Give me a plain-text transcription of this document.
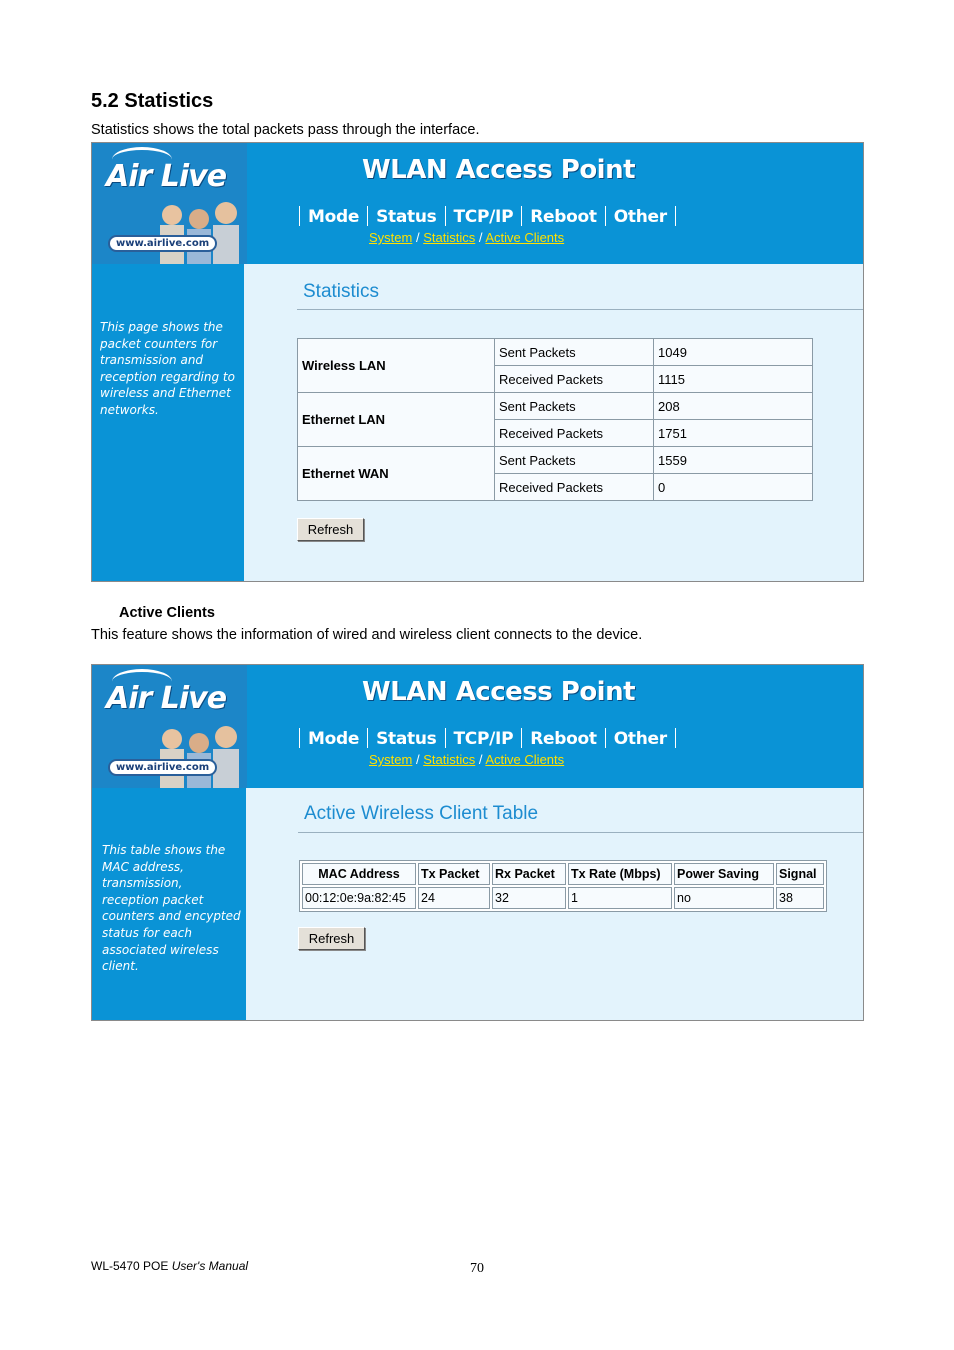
5.2 Statistics
Statistics shows the total packets pass through the interface.
Air Live
www.airlive.com
WLAN Access Point
Mode	Status	TCP/IP	Reboot	Other
System / Statistics / Active Clients
This page shows the packet counters for transmission and reception regarding to wireless and Ethernet networks.
Statistics
Wireless LAN	Sent Packets	1049
	Received Packets	1115
Ethernet LAN	Sent Packets	208
	Received Packets	1751
Ethernet WAN	Sent Packets	1559
	Received Packets	0
Refresh
Active Clients
This feature shows the information of wired and wireless client connects to the device.
Air Live
www.airlive.com
WLAN Access Point
Mode	Status	TCP/IP	Reboot	Other
System / Statistics / Active Clients
This table shows the MAC address, transmission, reception packet counters and encypted status for each associated wireless client.
Active Wireless Client Table
MAC Address	Tx Packet	Rx Packet	Tx Rate (Mbps)	Power Saving	Signal
00:12:0e:9a:82:45	24	32	1	no	38
Refresh
WL-5470 POE User's Manual	70
